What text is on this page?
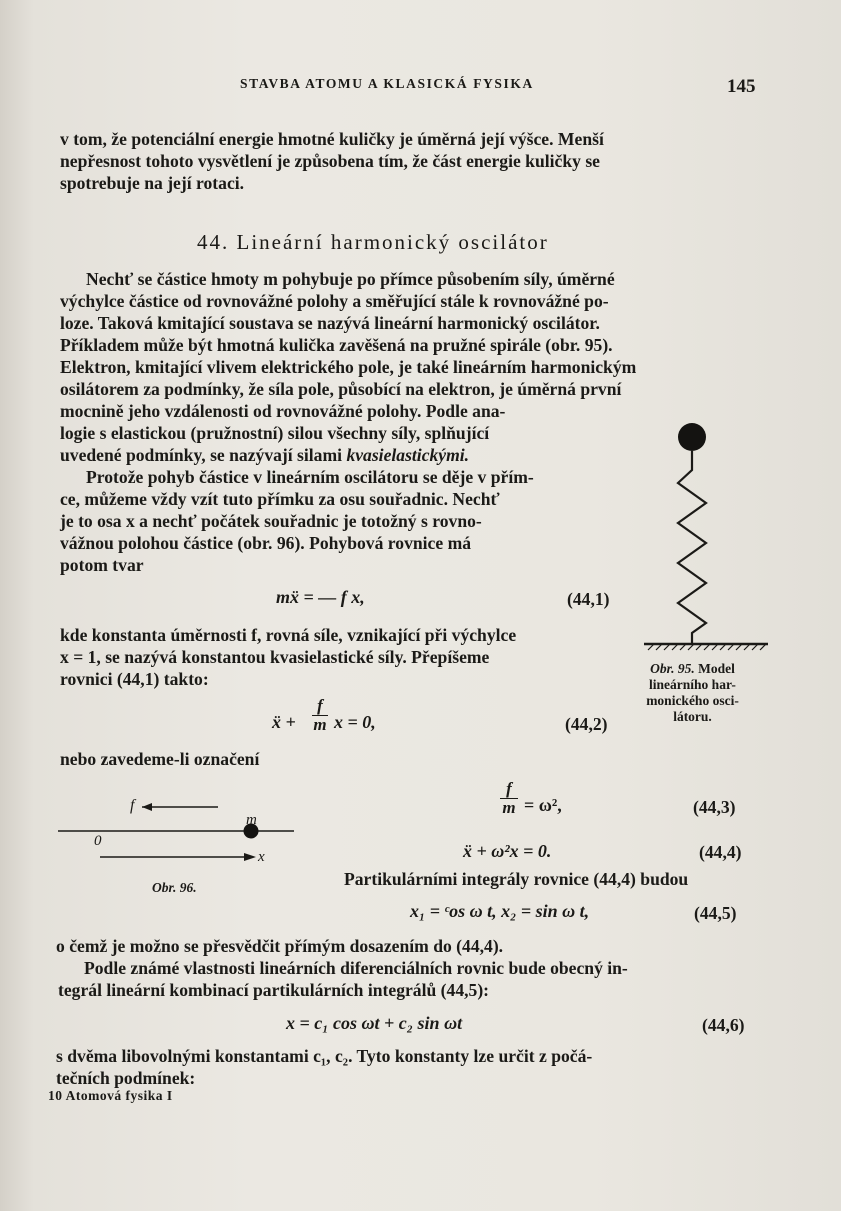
STAVBA ATOMU A KLASICKÁ FYSIKA	145
v tom, že potenciální energie hmotné kuličky je úměrná její výšce. Menší
nepřesnost tohoto vysvětlení je způsobena tím, že část energie kuličky se
spotrebuje na její rotaci.
44. Lineární harmonický oscilátor
Nechť se částice hmoty m pohybuje po přímce působením síly, úměrné
výchylce částice od rovnovážné polohy a směřující stále k rovnovážné po-
loze. Taková kmitající soustava se nazývá lineární harmonický oscilátor.
Příkladem může být hmotná kulička zavěšená na pružné spirále (obr. 95).
Elektron, kmitající vlivem elektrického pole, je také lineárním harmonickým
osilátorem za podmínky, že síla pole, působící na elektron, je úměrná první
mocnině jeho vzdálenosti od rovnovážné polohy. Podle ana-
logie s elastickou (pružnostní) silou všechny síly, splňující
uvedené podmínky, se nazývají silami kvasielastickými.
Protože pohyb částice v lineárním oscilátoru se děje v přím-
ce, můžeme vždy vzít tuto přímku za osu souřadnic. Nechť
je to osa x a nechť počátek souřadnic je totožný s rovno-
vážnou polohou částice (obr. 96). Pohybová rovnice má
potom tvar
mẍ = — f x,	(44,1)
kde konstanta úměrnosti f, rovná síle, vznikající při výchylce
x = 1, se nazývá konstantou kvasielastické síly. Přepíšeme
rovnici (44,1) takto:
ẍ +
f
m x = 0,	(44,2)
nebo zavedeme-li označení
Obr. 95. Model
lineárního har-
monického osci-
látoru.
f
m
0
x
Obr. 96.
f
m = ω²,	(44,3)
ẍ + ω²x = 0.	(44,4)
Partikulárními integrály rovnice (44,4) budou
x₁ = ᶜos ω t, x₂ = sin ω t,	(44,5)
o čemž je možno se přesvědčit přímým dosazením do (44,4).
Podle známé vlastnosti lineárních diferenciálních rovnic bude obecný in-
tegrál lineární kombinací partikulárních integrálů (44,5):
x = c₁ cos ωt + c₂ sin ωt	(44,6)
s dvěma libovolnými konstantami c₁, c₂. Tyto konstanty lze určit z počá-
tečních podmínek:
10 Atomová fysika I
